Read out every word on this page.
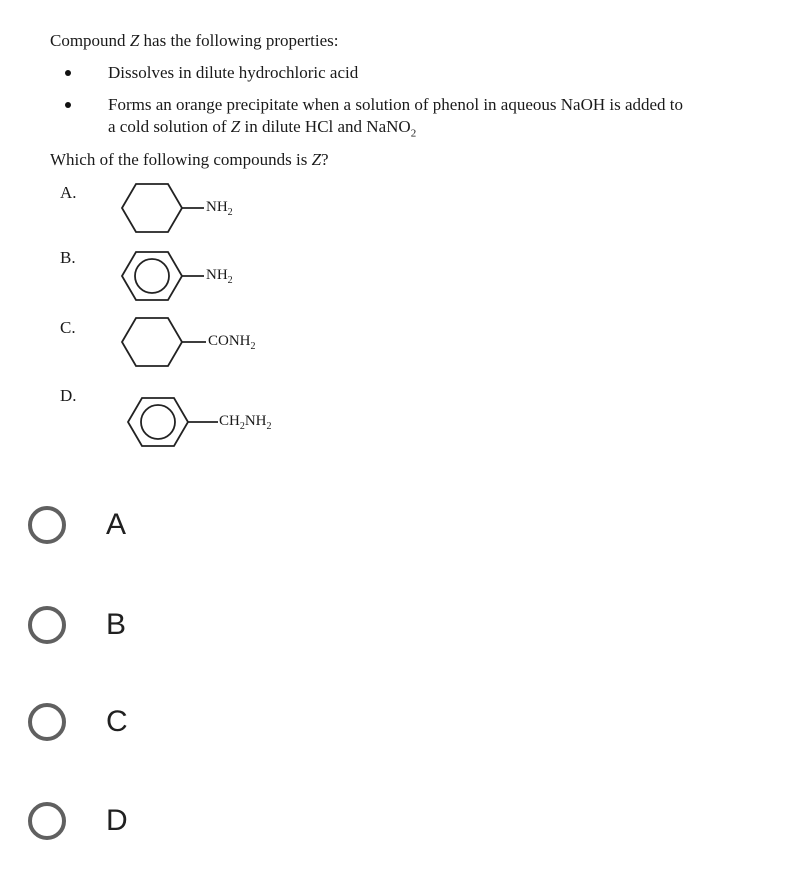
Compound Z has the following properties:
Dissolves in dilute hydrochloric acid
Forms an orange precipitate when a solution of phenol in aqueous NaOH is added to
a cold solution of Z in dilute HCl and NaNO$_2$
Which of the following compounds is Z?
A.
$NH_2$
B.
$NH_2$
C.
$CONH_2$
D.
$CH_2NH_2$
A
B
C
D
